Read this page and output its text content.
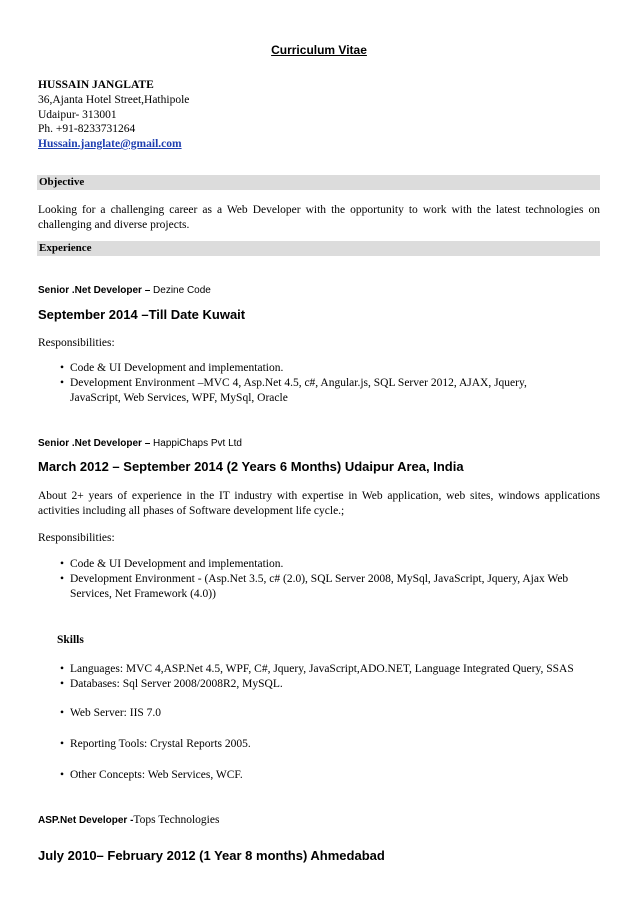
Curriculum Vitae
HUSSAIN JANGLATE
36,Ajanta Hotel Street,Hathipole
Udaipur- 313001
Ph. +91-8233731264
Hussain.janglate@gmail.com
Objective
Looking for a challenging career as a Web Developer with the opportunity to work with the latest technologies on challenging and diverse projects.
Experience
Senior .Net Developer – Dezine Code
September 2014 –Till Date Kuwait
Responsibilities:
• Code & UI Development and implementation.
• Development Environment –MVC 4, Asp.Net 4.5, c#, Angular.js, SQL Server 2012, AJAX, Jquery,
JavaScript, Web Services, WPF, MySql, Oracle
Senior .Net Developer – HappiChaps Pvt Ltd
March 2012 – September 2014 (2 Years 6 Months) Udaipur Area, India
About 2+ years of experience in the IT industry with expertise in Web application, web sites, windows applications activities including all phases of Software development life cycle.;
Responsibilities:
• Code & UI Development and implementation.
• Development Environment - (Asp.Net 3.5, c# (2.0), SQL Server 2008, MySql, JavaScript, Jquery, Ajax Web
Services, Net Framework (4.0))
Skills
• Languages: MVC 4,ASP.Net 4.5, WPF, C#, Jquery, JavaScript,ADO.NET, Language Integrated Query, SSAS
• Databases: Sql Server 2008/2008R2, MySQL.
• Web Server: IIS 7.0
• Reporting Tools: Crystal Reports 2005.
• Other Concepts: Web Services, WCF.
ASP.Net Developer -Tops Technologies
July 2010– February 2012 (1 Year 8 months) Ahmedabad
